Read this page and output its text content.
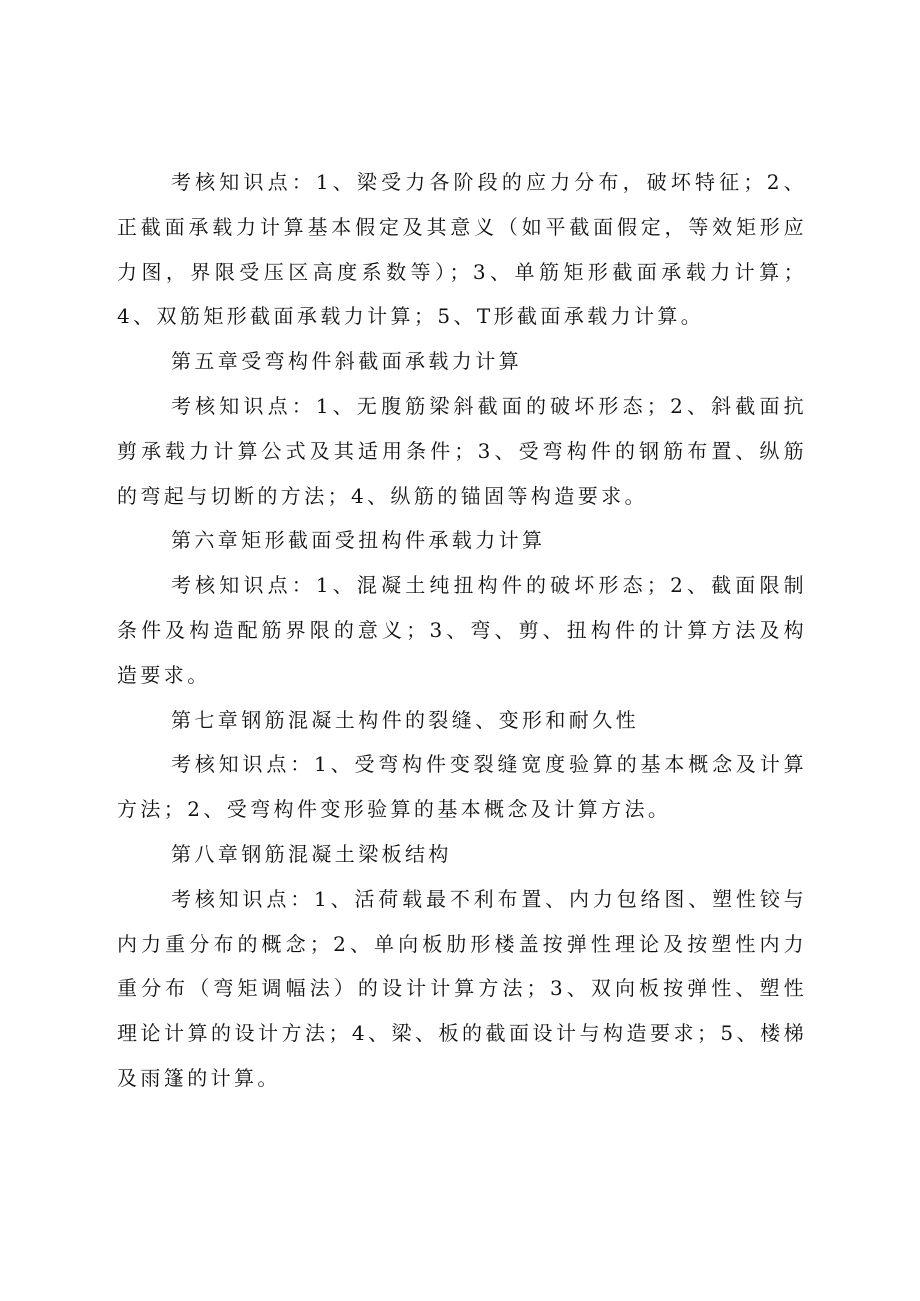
考核知识点：1、梁受力各阶段的应力分布，破坏特征；2、正截面承载力计算基本假定及其意义（如平截面假定，等效矩形应力图，界限受压区高度系数等）；3、单筋矩形截面承载力计算；4、双筋矩形截面承载力计算；5、T形截面承载力计算。

第五章受弯构件斜截面承载力计算

考核知识点：1、无腹筋梁斜截面的破坏形态；2、斜截面抗剪承载力计算公式及其适用条件；3、受弯构件的钢筋布置、纵筋的弯起与切断的方法；4、纵筋的锚固等构造要求。

第六章矩形截面受扭构件承载力计算

考核知识点：1、混凝土纯扭构件的破坏形态；2、截面限制条件及构造配筋界限的意义；3、弯、剪、扭构件的计算方法及构造要求。

第七章钢筋混凝土构件的裂缝、变形和耐久性

考核知识点：1、受弯构件变裂缝宽度验算的基本概念及计算方法；2、受弯构件变形验算的基本概念及计算方法。

第八章钢筋混凝土梁板结构

考核知识点：1、活荷载最不利布置、内力包络图、塑性铰与内力重分布的概念；2、单向板肋形楼盖按弹性理论及按塑性内力重分布（弯矩调幅法）的设计计算方法；3、双向板按弹性、塑性理论计算的设计方法；4、梁、板的截面设计与构造要求；5、楼梯及雨篷的计算。
